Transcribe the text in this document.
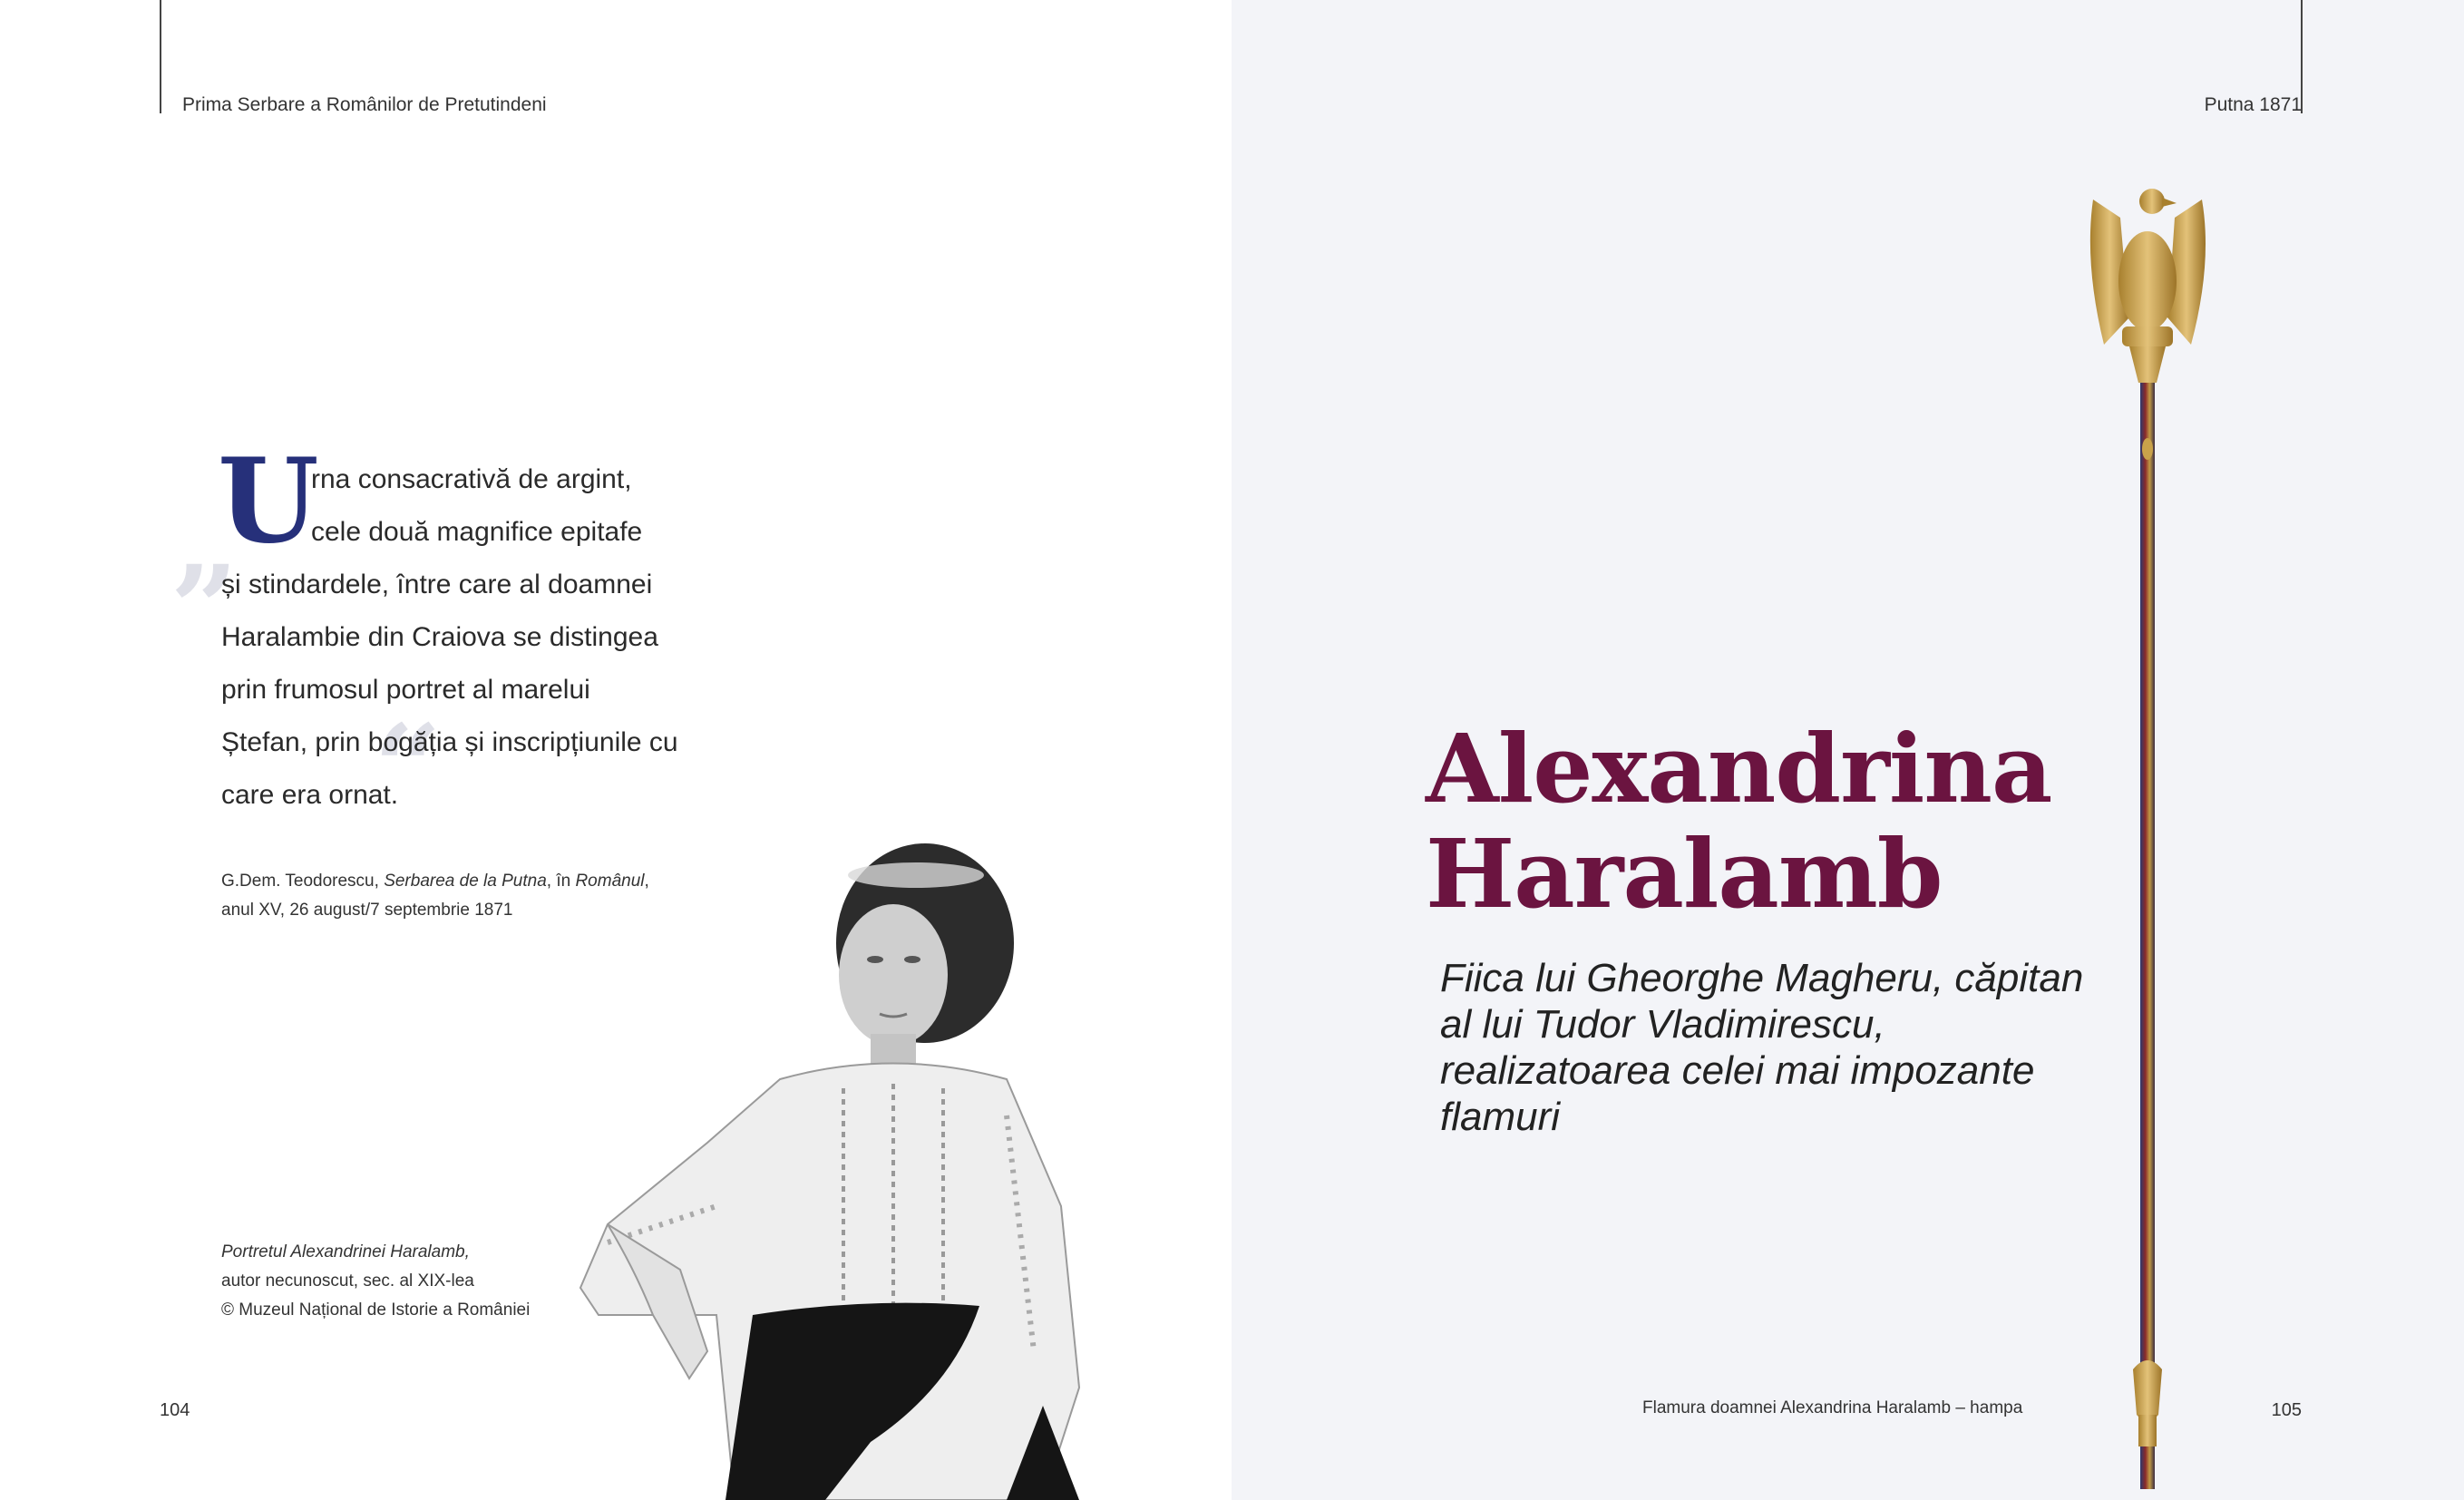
Prima Serbare a Românilor de Pretutindeni
„
“
U
rna consacrativă de argint,
cele două magnifice epitafe
și stindardele, între care al doamnei
Haralambie din Craiova se distingea
prin frumosul portret al marelui
Ștefan, prin bogăția și inscripțiunile cu
care era ornat.
G.Dem. Teodorescu, Serbarea de la Putna, în Românul,
anul XV, 26 august/7 septembrie 1871
Portretul Alexandrinei Haralamb,
autor necunoscut, sec. al XIX-lea
© Muzeul Național de Istorie a României
104
Putna 1871
105
Flamura doamnei Alexandrina Haralamb – hampa
Alexandrina
Haralamb
Fiica lui Gheorghe Magheru, căpitan al lui Tudor Vladimirescu, realizatoarea celei mai impozante flamuri
